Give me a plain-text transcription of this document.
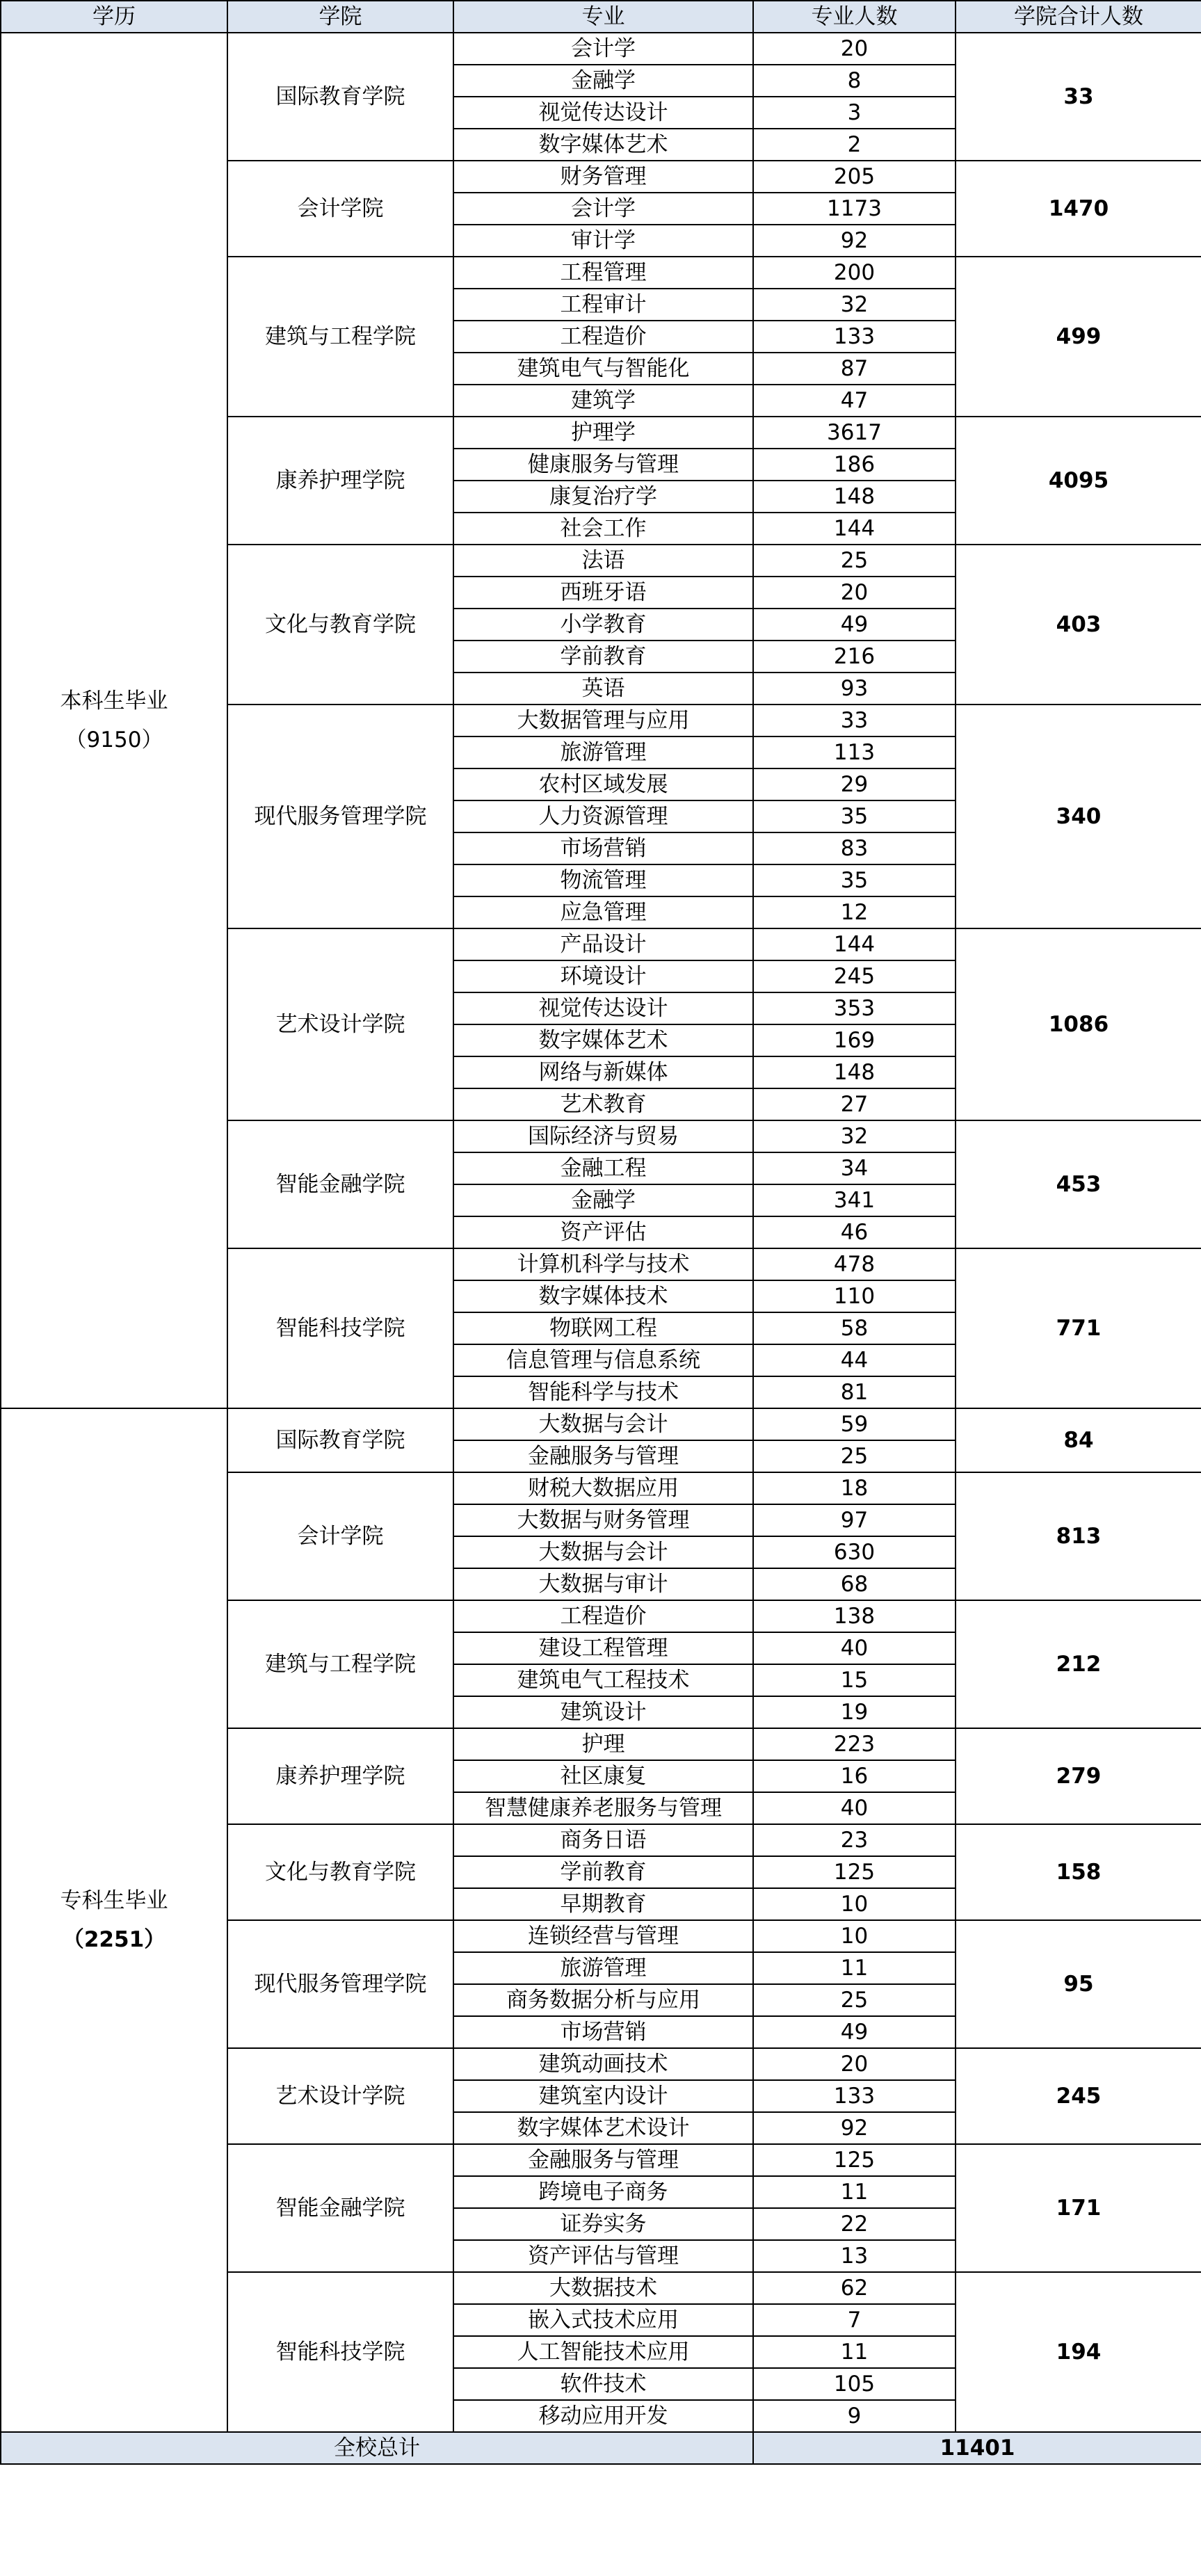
学历	学院	专业	专业人数	学院合计人数

本科生毕业
（9150）	国际教育学院	会计学	20	33
		金融学	8	
		视觉传达设计	3	
		数字媒体艺术	2	
	会计学院	财务管理	205	1470
		会计学	1173	
		审计学	92	
	建筑与工程学院	工程管理	200	499
		工程审计	32	
		工程造价	133	
		建筑电气与智能化	87	
		建筑学	47	
	康养护理学院	护理学	3617	4095
		健康服务与管理	186	
		康复治疗学	148	
		社会工作	144	
	文化与教育学院	法语	25	403
		西班牙语	20	
		小学教育	49	
		学前教育	216	
		英语	93	
	现代服务管理学院	大数据管理与应用	33	340
		旅游管理	113	
		农村区域发展	29	
		人力资源管理	35	
		市场营销	83	
		物流管理	35	
		应急管理	12	
	艺术设计学院	产品设计	144	1086
		环境设计	245	
		视觉传达设计	353	
		数字媒体艺术	169	
		网络与新媒体	148	
		艺术教育	27	
	智能金融学院	国际经济与贸易	32	453
		金融工程	34	
		金融学	341	
		资产评估	46	
	智能科技学院	计算机科学与技术	478	771
		数字媒体技术	110	
		物联网工程	58	
		信息管理与信息系统	44	
		智能科学与技术	81	

专科生毕业
（2251）	国际教育学院	大数据与会计	59	84
		金融服务与管理	25	
	会计学院	财税大数据应用	18	813
		大数据与财务管理	97	
		大数据与会计	630	
		大数据与审计	68	
	建筑与工程学院	工程造价	138	212
		建设工程管理	40	
		建筑电气工程技术	15	
		建筑设计	19	
	康养护理学院	护理	223	279
		社区康复	16	
		智慧健康养老服务与管理	40	
	文化与教育学院	商务日语	23	158
		学前教育	125	
		早期教育	10	
	现代服务管理学院	连锁经营与管理	10	95
		旅游管理	11	
		商务数据分析与应用	25	
		市场营销	49	
	艺术设计学院	建筑动画技术	20	245
		建筑室内设计	133	
		数字媒体艺术设计	92	
	智能金融学院	金融服务与管理	125	171
		跨境电子商务	11	
		证券实务	22	
		资产评估与管理	13	
	智能科技学院	大数据技术	62	194
		嵌入式技术应用	7	
		人工智能技术应用	11	
		软件技术	105	
		移动应用开发	9	
全校总计			11401	
